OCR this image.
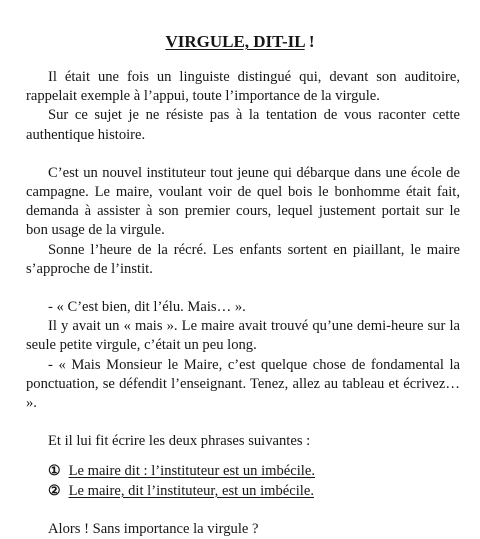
VIRGULE, DIT-IL !

Il était une fois un linguiste distingué qui, devant son auditoire, rappelait exemple à l’appui, toute l’importance de la virgule.

Sur ce sujet je ne résiste pas à la tentation de vous raconter cette authentique histoire.

C’est un nouvel instituteur tout jeune qui débarque dans une école de campagne. Le maire, voulant voir de quel bois le bonhomme était fait, demanda à assister à son premier cours, lequel justement portait sur le bon usage de la virgule.

Sonne l’heure de la récré. Les enfants sortent en piaillant, le maire s’approche de l’instit.

- « C’est bien, dit l’élu. Mais… ».

Il y avait un « mais ». Le maire avait trouvé qu’une demi-heure sur la seule petite virgule, c’était un peu long.

- « Mais Monsieur le Maire, c’est quelque chose de fondamental la ponctuation, se défendit l’enseignant. Tenez, allez au tableau et écrivez… ».

Et il lui fit écrire les deux phrases suivantes :

① Le maire dit : l’instituteur est un imbécile.

② Le maire, dit l’instituteur, est un imbécile.

Alors ! Sans importance la virgule ?
